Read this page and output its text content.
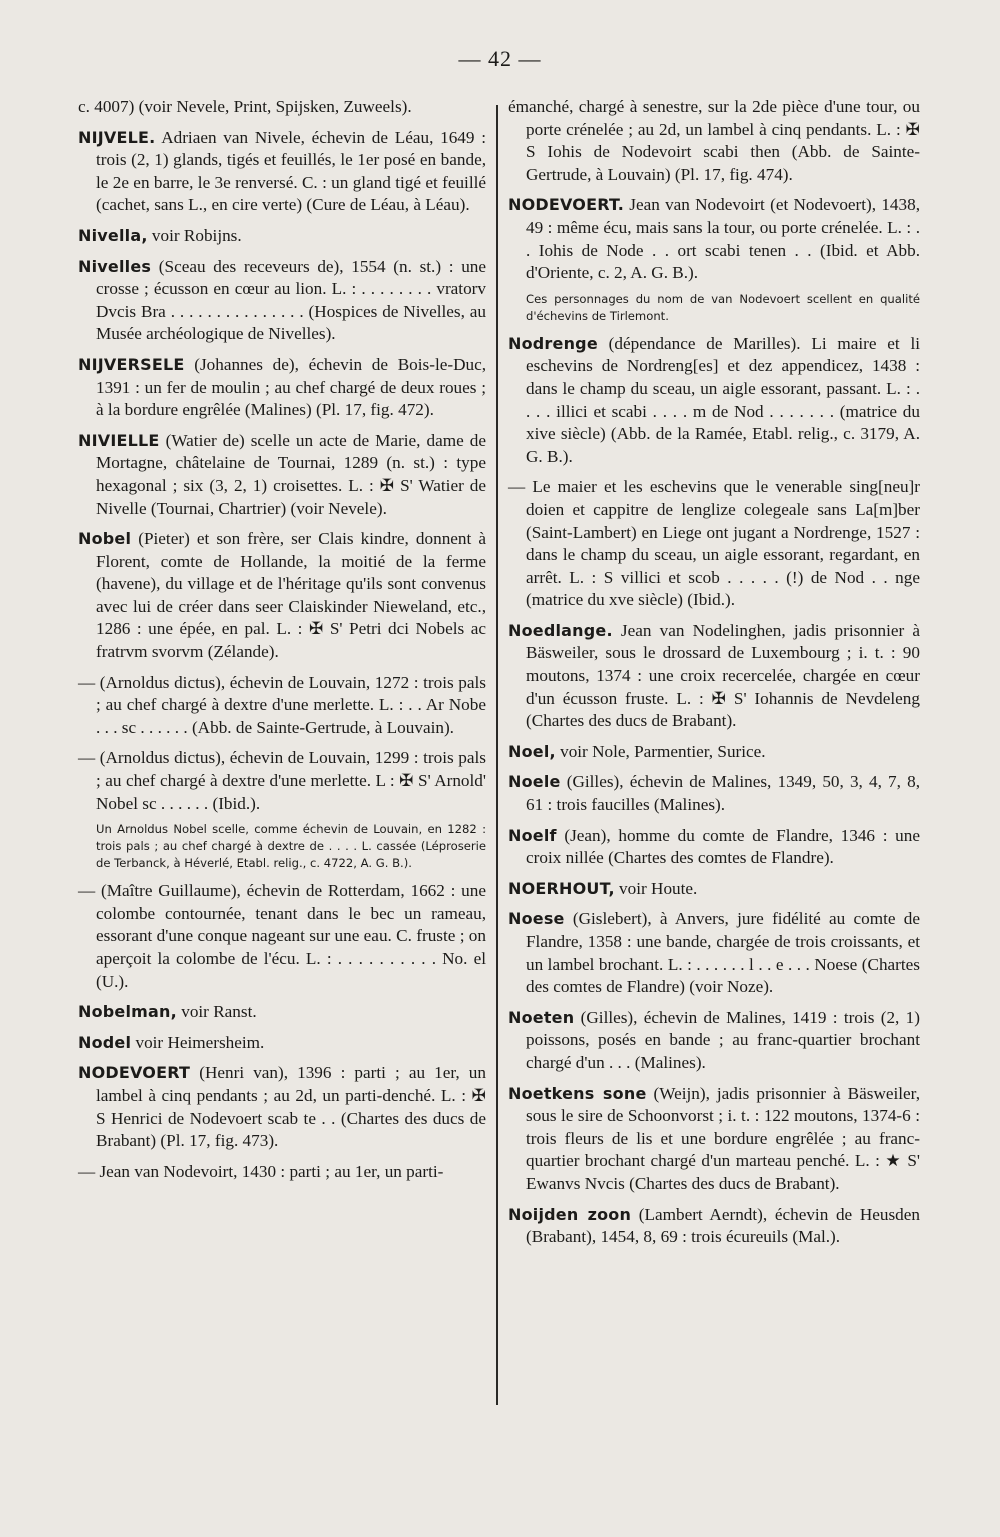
— 42 —

c. 4007) (voir Nevele, Print, Spijsken, Zuweels).

NIJVELE. Adriaen van Nivele, échevin de Léau, 1649 : trois (2, 1) glands, tigés et feuillés, le 1er posé en bande, le 2e en barre, le 3e renversé. C. : un gland tigé et feuillé (cachet, sans L., en cire verte) (Cure de Léau, à Léau).

Nivella, voir Robijns.

Nivelles (Sceau des receveurs de), 1554 (n. st.) : une crosse ; écusson en cœur au lion. L. : . . . . . . . . vratorv Dvcis Bra . . . . . . . . . . . . . . . (Hospices de Nivelles, au Musée archéologique de Nivelles).

NIJVERSELE (Johannes de), échevin de Bois-le-Duc, 1391 : un fer de moulin ; au chef chargé de deux roues ; à la bordure engrêlée (Malines) (Pl. 17, fig. 472).

NIVIELLE (Watier de) scelle un acte de Marie, dame de Mortagne, châtelaine de Tournai, 1289 (n. st.) : type hexagonal ; six (3, 2, 1) croisettes. L. : ✠ S' Watier de Nivelle (Tournai, Chartrier) (voir Nevele).

Nobel (Pieter) et son frère, ser Clais kindre, donnent à Florent, comte de Hollande, la moitié de la ferme (havene), du village et de l'héritage qu'ils sont convenus avec lui de créer dans seer Claiskinder Nieweland, etc., 1286 : une épée, en pal. L. : ✠ S' Petri dci Nobels ac fratrvm svorvm (Zélande).

— (Arnoldus dictus), échevin de Louvain, 1272 : trois pals ; au chef chargé à dextre d'une merlette. L. : . . Ar Nobe . . . sc . . . . . . (Abb. de Sainte-Gertrude, à Louvain).

— (Arnoldus dictus), échevin de Louvain, 1299 : trois pals ; au chef chargé à dextre d'une merlette. L : ✠ S' Arnold' Nobel sc . . . . . . (Ibid.).

Un Arnoldus Nobel scelle, comme échevin de Louvain, en 1282 : trois pals ; au chef chargé à dextre de . . . . L. cassée (Léproserie de Terbanck, à Héverlé, Etabl. relig., c. 4722, A. G. B.).

— (Maître Guillaume), échevin de Rotterdam, 1662 : une colombe contournée, tenant dans le bec un rameau, essorant d'une conque nageant sur une eau. C. fruste ; on aperçoit la colombe de l'écu. L. : . . . . . . . . . . No. el (U.).

Nobelman, voir Ranst.

Nodel voir Heimersheim.

NODEVOERT (Henri van), 1396 : parti ; au 1er, un lambel à cinq pendants ; au 2d, un parti-denché. L. : ✠ S Henrici de Nodevoert scab te . . (Chartes des ducs de Brabant) (Pl. 17, fig. 473).

— Jean van Nodevoirt, 1430 : parti ; au 1er, un parti-

émanché, chargé à senestre, sur la 2de pièce d'une tour, ou porte crénelée ; au 2d, un lambel à cinq pendants. L. : ✠ S Iohis de Nodevoirt scabi then (Abb. de Sainte-Gertrude, à Louvain) (Pl. 17, fig. 474).

NODEVOERT. Jean van Nodevoirt (et Nodevoert), 1438, 49 : même écu, mais sans la tour, ou porte crénelée. L. : . . Iohis de Node . . ort scabi tenen . . (Ibid. et Abb. d'Oriente, c. 2, A. G. B.).

Ces personnages du nom de van Nodevoert scellent en qualité d'échevins de Tirlemont.

Nodrenge (dépendance de Marilles). Li maire et li eschevins de Nordreng[es] et dez appendicez, 1438 : dans le champ du sceau, un aigle essorant, passant. L. : . . . . illici et scabi . . . . m de Nod . . . . . . . (matrice du xive siècle) (Abb. de la Ramée, Etabl. relig., c. 3179, A. G. B.).

— Le maier et les eschevins que le venerable sing[neu]r doien et cappitre de lenglize colegeale sans La[m]ber (Saint-Lambert) en Liege ont jugant a Nordrenge, 1527 : dans le champ du sceau, un aigle essorant, regardant, en arrêt. L. : S villici et scob . . . . . (!) de Nod . . nge (matrice du xve siècle) (Ibid.).

Noedlange. Jean van Nodelinghen, jadis prisonnier à Bäsweiler, sous le drossard de Luxembourg ; i. t. : 90 moutons, 1374 : une croix recercelée, chargée en cœur d'un écusson fruste. L. : ✠ S' Iohannis de Nevdeleng (Chartes des ducs de Brabant).

Noel, voir Nole, Parmentier, Surice.

Noele (Gilles), échevin de Malines, 1349, 50, 3, 4, 7, 8, 61 : trois faucilles (Malines).

Noelf (Jean), homme du comte de Flandre, 1346 : une croix nillée (Chartes des comtes de Flandre).

NOERHOUT, voir Houte.

Noese (Gislebert), à Anvers, jure fidélité au comte de Flandre, 1358 : une bande, chargée de trois croissants, et un lambel brochant. L. : . . . . . . l . . e . . . Noese (Chartes des comtes de Flandre) (voir Noze).

Noeten (Gilles), échevin de Malines, 1419 : trois (2, 1) poissons, posés en bande ; au franc-quartier brochant chargé d'un . . . (Malines).

Noetkens sone (Weijn), jadis prisonnier à Bäsweiler, sous le sire de Schoonvorst ; i. t. : 122 moutons, 1374-6 : trois fleurs de lis et une bordure engrêlée ; au franc-quartier brochant chargé d'un marteau penché. L. : ★ S' Ewanvs Nvcis (Chartes des ducs de Brabant).

Noijden zoon (Lambert Aerndt), échevin de Heusden (Brabant), 1454, 8, 69 : trois écureuils (Mal.).
